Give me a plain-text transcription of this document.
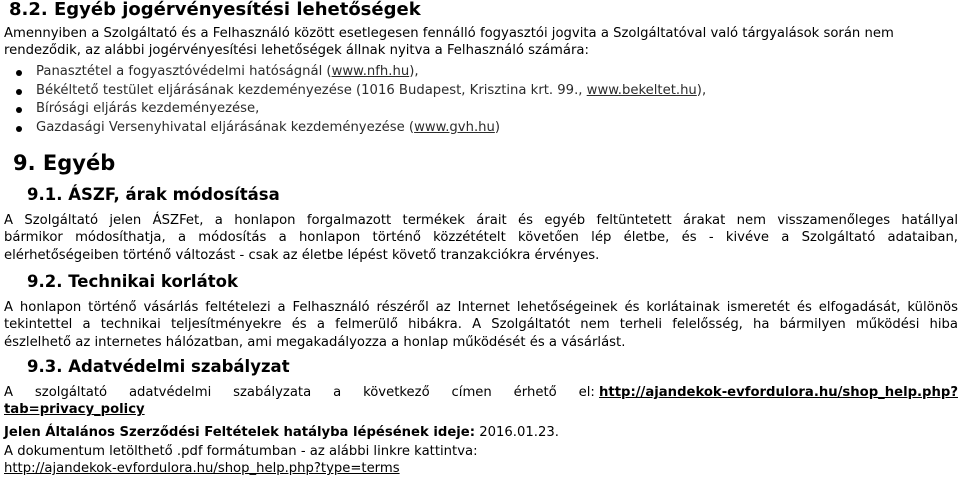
8.2. Egyéb jogérvényesítési lehetőségek

Amennyiben a Szolgáltató és a Felhasználó között esetlegesen fennálló fogyasztói jogvita a Szolgáltatóval való tárgyalások során nem
rendeződik, az alábbi jogérvényesítési lehetőségek állnak nyitva a Felhasználó számára:

Panasztétel a fogyasztóvédelmi hatóságnál (www.nfh.hu),
Békéltető testület eljárásának kezdeményezése (1016 Budapest, Krisztina krt. 99., www.bekeltet.hu),
Bírósági eljárás kezdeményezése,
Gazdasági Versenyhivatal eljárásának kezdeményezése (www.gvh.hu)
9. Egyéb
9.1. ÁSZF, árak módosítása

A Szolgáltató jelen ÁSZFet, a honlapon forgalmazott termékek árait és egyéb feltüntetett árakat nem visszamenőleges hatállyal
bármikor módosíthatja, a módosítás a honlapon történő közzétételt követően lép életbe, és - kivéve a Szolgáltató adataiban,
elérhetőségeiben történő változást - csak az életbe lépést követő tranzakciókra érvényes.

9.2. Technikai korlátok

A honlapon történő vásárlás feltételezi a Felhasználó részéről az Internet lehetőségeinek és korlátainak ismeretét és elfogadását, különös
tekintettel a technikai teljesítményekre és a felmerülő hibákra. A Szolgáltatót nem terheli felelősség, ha bármilyen működési hiba
észlelhető az internetes hálózatban, ami megakadályozza a honlap működését és a vásárlást.

9.3. Adatvédelmi szabályzat
A szolgáltató adatvédelmi szabályzata a következő címen érhető el: http://ajandekok-evfordulora.hu/shop_help.php?
tab=privacy_policy

Jelen Általános Szerződési Feltételek hatályba lépésének ideje: 2016.01.23.

A dokumentum letölthető .pdf formátumban - az alábbi linkre kattintva:
http://ajandekok-evfordulora.hu/shop_help.php?type=terms
